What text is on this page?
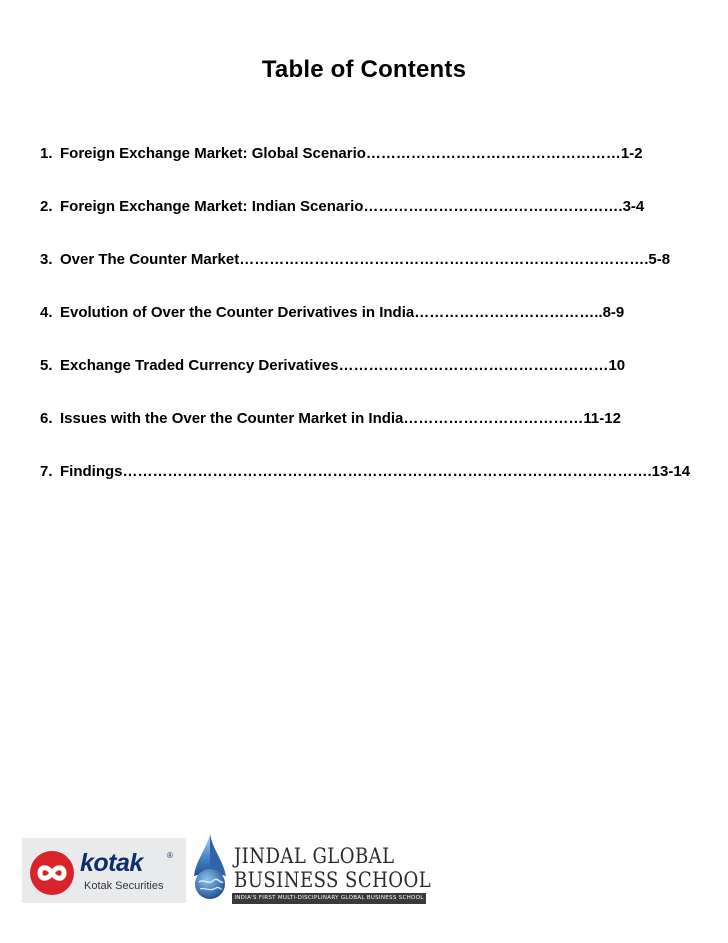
Table of Contents
1. Foreign Exchange Market: Global Scenario …………………………………………… 1-2
2. Foreign Exchange Market: Indian Scenario …………………………………………… .3-4
3. Over The Counter Market ……………………………………………………………………… .5-8
4. Evolution of Over the Counter Derivatives in India ………………………………. .8-9
5. Exchange Traded Currency Derivatives ……………………………………………… 10
6. Issues with the Over the Counter Market in India ……………………………… 11-12
7. Findings ……………………………………………………………………………………………. 13-14
kotak	®
Kotak Securities
JINDAL GLOBAL
BUSINESS SCHOOL
INDIA'S FIRST MULTI-DISCIPLINARY GLOBAL BUSINESS SCHOOL
